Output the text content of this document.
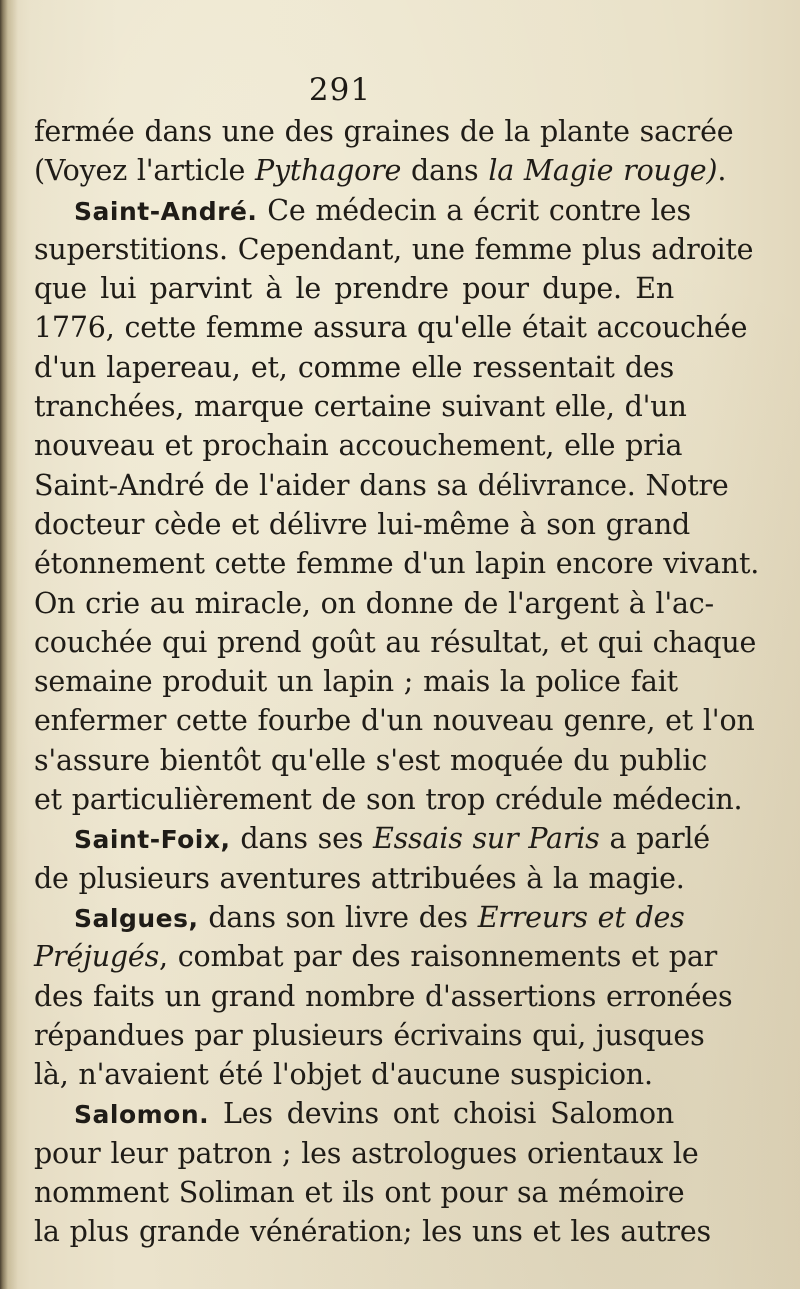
291
fermée dans une des graines de la plante sacrée
(Voyez l'article Pythagore dans la Magie rouge).
Saint-André. Ce médecin a écrit contre les
superstitions. Cependant, une femme plus adroite
que lui parvint à le prendre pour dupe. En
1776, cette femme assura qu'elle était accouchée
d'un lapereau, et, comme elle ressentait des
tranchées, marque certaine suivant elle, d'un
nouveau et prochain accouchement, elle pria
Saint-André de l'aider dans sa délivrance. Notre
docteur cède et délivre lui-même à son grand
étonnement cette femme d'un lapin encore vivant.
On crie au miracle, on donne de l'argent à l'ac-
couchée qui prend goût au résultat, et qui chaque
semaine produit un lapin ; mais la police fait
enfermer cette fourbe d'un nouveau genre, et l'on
s'assure bientôt qu'elle s'est moquée du public
et particulièrement de son trop crédule médecin.
Saint-Foix, dans ses Essais sur Paris a parlé
de plusieurs aventures attribuées à la magie.
Salgues, dans son livre des Erreurs et des
Préjugés, combat par des raisonnements et par
des faits un grand nombre d'assertions erronées
répandues par plusieurs écrivains qui, jusques
là, n'avaient été l'objet d'aucune suspicion.
Salomon. Les devins ont choisi Salomon
pour leur patron ; les astrologues orientaux le
nomment Soliman et ils ont pour sa mémoire
la plus grande vénération; les uns et les autres
